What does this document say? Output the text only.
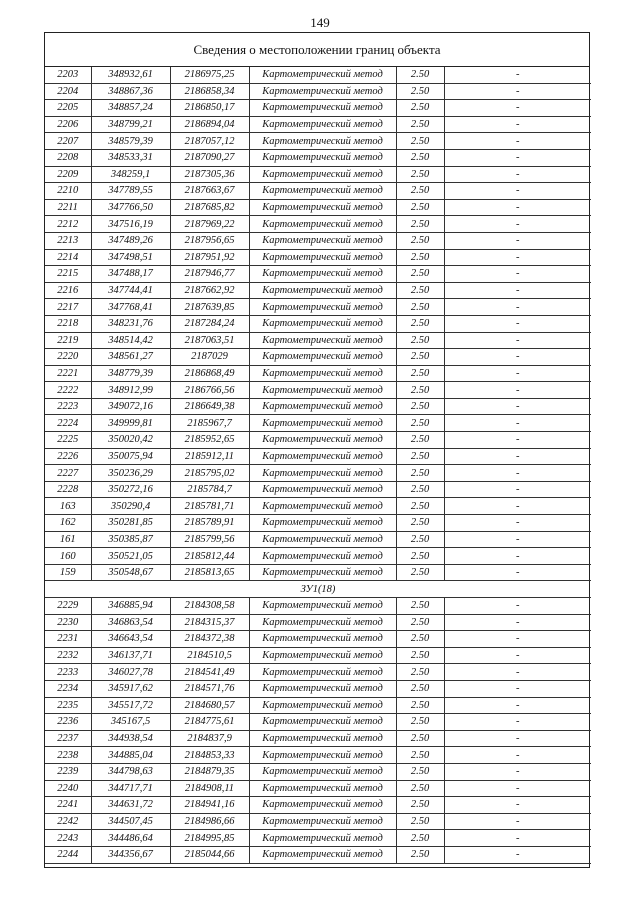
149
Сведения о местоположении границ объекта
2203	348932,61	2186975,25	Картометрический метод	2.50	-
2204	348867,36	2186858,34	Картометрический метод	2.50	-
2205	348857,24	2186850,17	Картометрический метод	2.50	-
2206	348799,21	2186894,04	Картометрический метод	2.50	-
2207	348579,39	2187057,12	Картометрический метод	2.50	-
2208	348533,31	2187090,27	Картометрический метод	2.50	-
2209	348259,1	2187305,36	Картометрический метод	2.50	-
2210	347789,55	2187663,67	Картометрический метод	2.50	-
2211	347766,50	2187685,82	Картометрический метод	2.50	-
2212	347516,19	2187969,22	Картометрический метод	2.50	-
2213	347489,26	2187956,65	Картометрический метод	2.50	-
2214	347498,51	2187951,92	Картометрический метод	2.50	-
2215	347488,17	2187946,77	Картометрический метод	2.50	-
2216	347744,41	2187662,92	Картометрический метод	2.50	-
2217	347768,41	2187639,85	Картометрический метод	2.50	-
2218	348231,76	2187284,24	Картометрический метод	2.50	-
2219	348514,42	2187063,51	Картометрический метод	2.50	-
2220	348561,27	2187029	Картометрический метод	2.50	-
2221	348779,39	2186868,49	Картометрический метод	2.50	-
2222	348912,99	2186766,56	Картометрический метод	2.50	-
2223	349072,16	2186649,38	Картометрический метод	2.50	-
2224	349999,81	2185967,7	Картометрический метод	2.50	-
2225	350020,42	2185952,65	Картометрический метод	2.50	-
2226	350075,94	2185912,11	Картометрический метод	2.50	-
2227	350236,29	2185795,02	Картометрический метод	2.50	-
2228	350272,16	2185784,7	Картометрический метод	2.50	-
163	350290,4	2185781,71	Картометрический метод	2.50	-
162	350281,85	2185789,91	Картометрический метод	2.50	-
161	350385,87	2185799,56	Картометрический метод	2.50	-
160	350521,05	2185812,44	Картометрический метод	2.50	-
159	350548,67	2185813,65	Картометрический метод	2.50	-
ЗУ1(18)					
2229	346885,94	2184308,58	Картометрический метод	2.50	-
2230	346863,54	2184315,37	Картометрический метод	2.50	-
2231	346643,54	2184372,38	Картометрический метод	2.50	-
2232	346137,71	2184510,5	Картометрический метод	2.50	-
2233	346027,78	2184541,49	Картометрический метод	2.50	-
2234	345917,62	2184571,76	Картометрический метод	2.50	-
2235	345517,72	2184680,57	Картометрический метод	2.50	-
2236	345167,5	2184775,61	Картометрический метод	2.50	-
2237	344938,54	2184837,9	Картометрический метод	2.50	-
2238	344885,04	2184853,33	Картометрический метод	2.50	-
2239	344798,63	2184879,35	Картометрический метод	2.50	-
2240	344717,71	2184908,11	Картометрический метод	2.50	-
2241	344631,72	2184941,16	Картометрический метод	2.50	-
2242	344507,45	2184986,66	Картометрический метод	2.50	-
2243	344486,64	2184995,85	Картометрический метод	2.50	-
2244	344356,67	2185044,66	Картометрический метод	2.50	-
